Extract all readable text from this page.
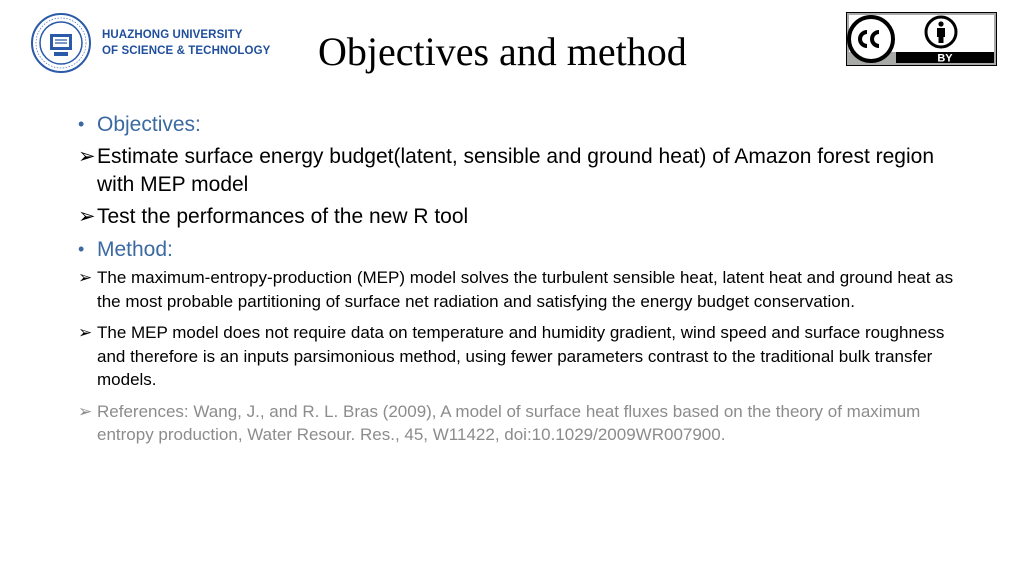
HUAZHONG UNIVERSITY
OF SCIENCE & TECHNOLOGY Objectives and method	BY
• Objectives:
➢ Estimate surface energy budget(latent, sensible and ground heat) of Amazon forest region with MEP model
➢ Test the performances of the new R tool
• Method:
➢ The maximum-entropy-production (MEP) model solves the turbulent sensible heat, latent heat and ground heat as the most probable partitioning of surface net radiation and satisfying the energy budget conservation.
➢ The MEP model does not require data on temperature and humidity gradient, wind speed and surface roughness and therefore is an inputs parsimonious method, using fewer parameters contrast to the traditional bulk transfer models.
➢ References: Wang, J., and R. L. Bras (2009), A model of surface heat fluxes based on the theory of maximum entropy production, Water Resour. Res., 45, W11422, doi:10.1029/2009WR007900.
